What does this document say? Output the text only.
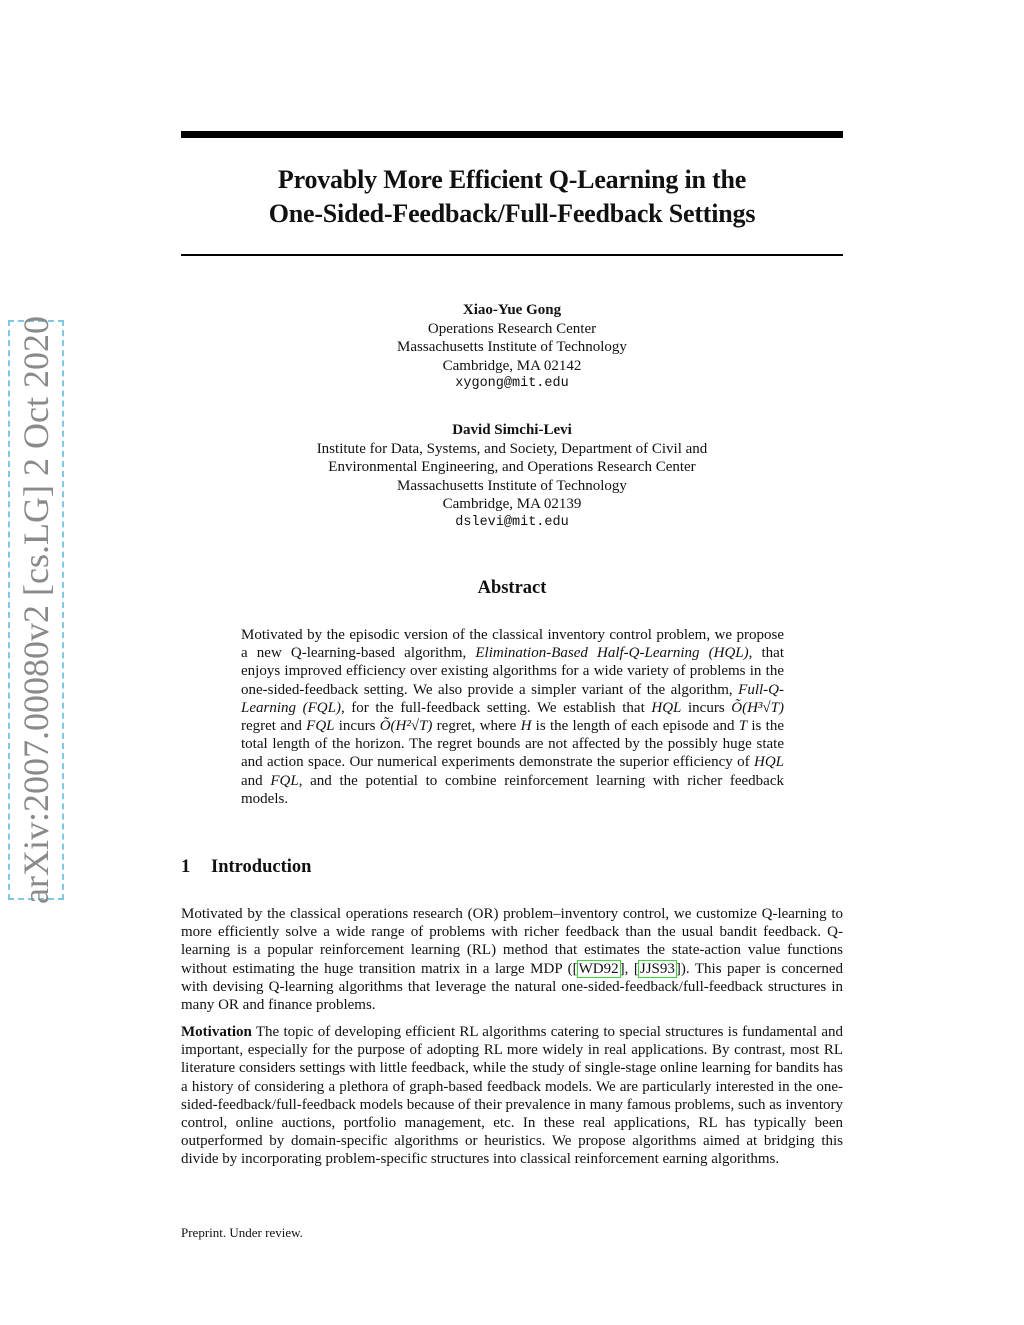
arXiv:2007.00080v2 [cs.LG] 2 Oct 2020
Provably More Efficient Q-Learning in the
One-Sided-Feedback/Full-Feedback Settings
Xiao-Yue Gong
Operations Research Center
Massachusetts Institute of Technology
Cambridge, MA 02142
xygong@mit.edu
David Simchi-Levi
Institute for Data, Systems, and Society, Department of Civil and
Environmental Engineering, and Operations Research Center
Massachusetts Institute of Technology
Cambridge, MA 02139
dslevi@mit.edu
Abstract
Motivated by the episodic version of the classical inventory control problem, we propose a new Q-learning-based algorithm, Elimination-Based Half-Q-Learning (HQL), that enjoys improved efficiency over existing algorithms for a wide variety of problems in the one-sided-feedback setting. We also provide a simpler variant of the algorithm, Full-Q-Learning (FQL), for the full-feedback setting. We establish that HQL incurs Õ(H³√T) regret and FQL incurs Õ(H²√T) regret, where H is the length of each episode and T is the total length of the horizon. The regret bounds are not affected by the possibly huge state and action space. Our numerical experiments demonstrate the superior efficiency of HQL and FQL, and the potential to combine reinforcement learning with richer feedback models.
1 Introduction
Motivated by the classical operations research (OR) problem–inventory control, we customize Q-learning to more efficiently solve a wide range of problems with richer feedback than the usual bandit feedback. Q-learning is a popular reinforcement learning (RL) method that estimates the state-action value functions without estimating the huge transition matrix in a large MDP ([WD92], [JJS93]). This paper is concerned with devising Q-learning algorithms that leverage the natural one-sided-feedback/full-feedback structures in many OR and finance problems.
Motivation The topic of developing efficient RL algorithms catering to special structures is fundamental and important, especially for the purpose of adopting RL more widely in real applications. By contrast, most RL literature considers settings with little feedback, while the study of single-stage online learning for bandits has a history of considering a plethora of graph-based feedback models. We are particularly interested in the one-sided-feedback/full-feedback models because of their prevalence in many famous problems, such as inventory control, online auctions, portfolio management, etc. In these real applications, RL has typically been outperformed by domain-specific algorithms or heuristics. We propose algorithms aimed at bridging this divide by incorporating problem-specific structures into classical reinforcement earning algorithms.
Preprint. Under review.
